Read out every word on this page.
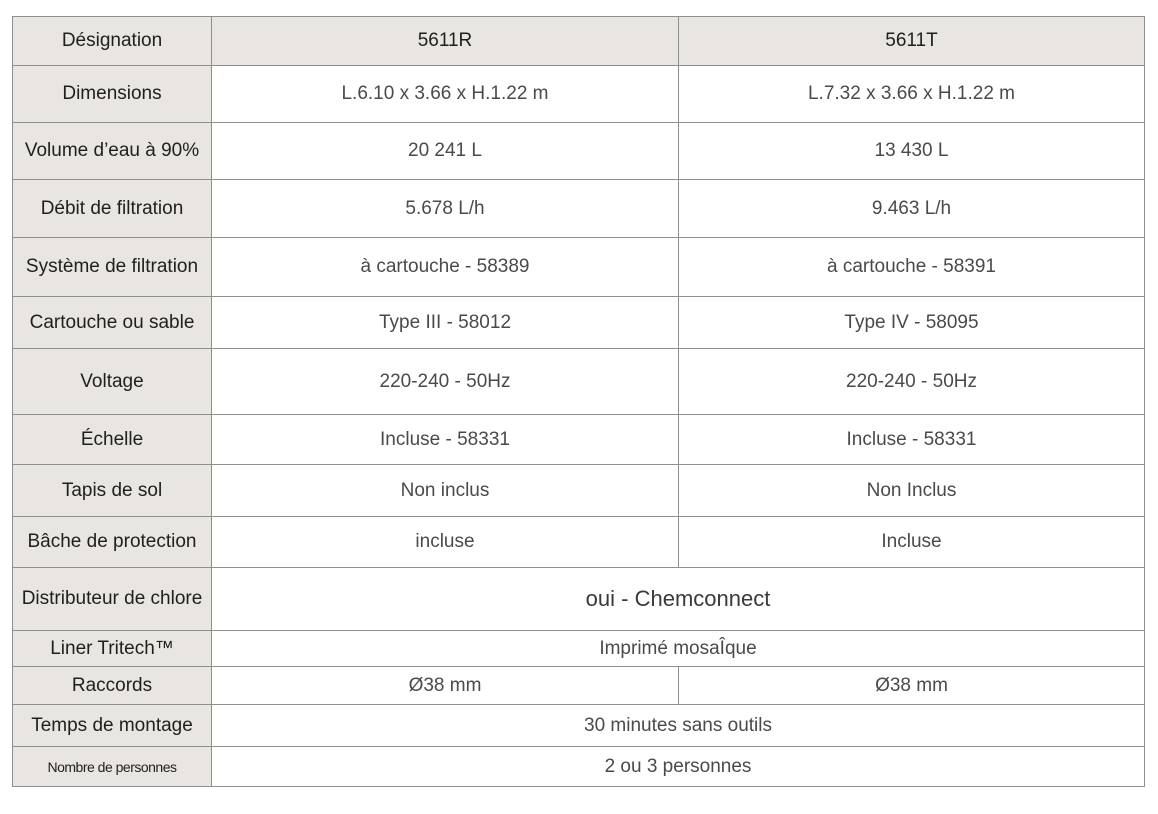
Désignation	5611R	5611T
Dimensions	L.6.10 x 3.66 x H.1.22 m	L.7.32 x 3.66 x H.1.22 m
Volume d’eau à 90%	20 241 L	13 430 L
Débit de filtration	5.678 L/h	9.463 L/h
Système de filtration	à cartouche - 58389	à cartouche - 58391
Cartouche ou sable	Type III - 58012	Type IV - 58095
Voltage	220-240 - 50Hz	220-240 - 50Hz
Échelle	Incluse - 58331	Incluse - 58331
Tapis de sol	Non inclus	Non Inclus
Bâche de protection	incluse	Incluse
Distributeur de chlore	oui - Chemconnect	
Liner Tritech™	Imprimé mosaÎque	
Raccords	Ø38 mm	Ø38 mm
Temps de montage	30 minutes sans outils	
Nombre de personnes	2 ou 3 personnes	
